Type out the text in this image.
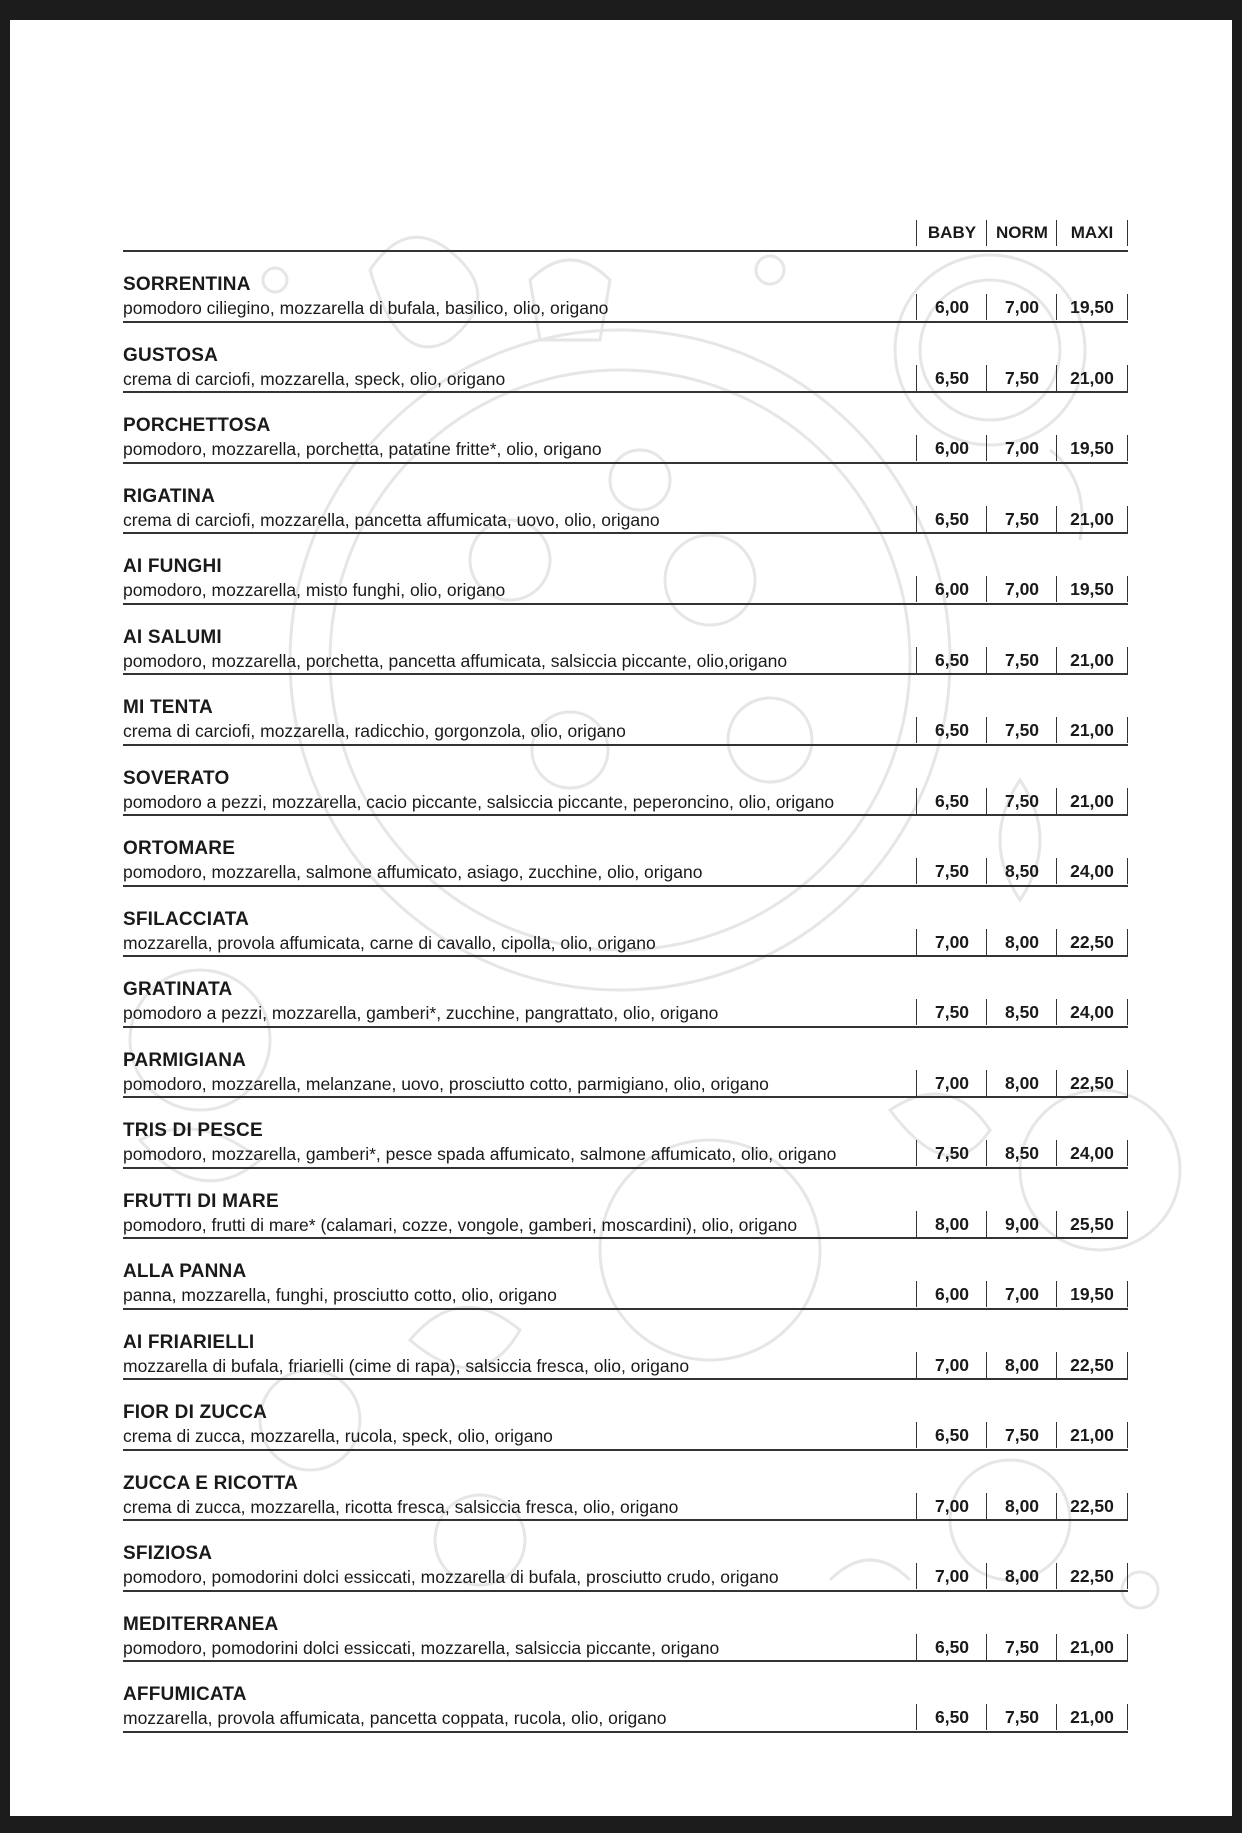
BABY	NORM	MAXI
SORRENTINA
pomodoro ciliegino, mozzarella di bufala, basilico, olio, origano	6,00	7,00	19,50
GUSTOSA
crema di carciofi, mozzarella, speck, olio, origano	6,50	7,50	21,00
PORCHETTOSA
pomodoro, mozzarella, porchetta, patatine fritte*, olio, origano	6,00	7,00	19,50
RIGATINA
crema di carciofi, mozzarella, pancetta affumicata, uovo, olio, origano	6,50	7,50	21,00
AI FUNGHI
pomodoro, mozzarella, misto funghi, olio, origano	6,00	7,00	19,50
AI SALUMI
pomodoro, mozzarella, porchetta, pancetta affumicata, salsiccia piccante, olio,origano	6,50	7,50	21,00
MI TENTA
crema di carciofi, mozzarella, radicchio, gorgonzola, olio, origano	6,50	7,50	21,00
SOVERATO
pomodoro a pezzi, mozzarella, cacio piccante, salsiccia piccante, peperoncino, olio, origano	6,50	7,50	21,00
ORTOMARE
pomodoro, mozzarella, salmone affumicato, asiago, zucchine, olio, origano	7,50	8,50	24,00
SFILACCIATA
mozzarella, provola affumicata, carne di cavallo, cipolla, olio, origano	7,00	8,00	22,50
GRATINATA
pomodoro a pezzi, mozzarella, gamberi*, zucchine, pangrattato, olio, origano	7,50	8,50	24,00
PARMIGIANA
pomodoro, mozzarella, melanzane, uovo, prosciutto cotto, parmigiano, olio, origano	7,00	8,00	22,50
TRIS DI PESCE
pomodoro, mozzarella, gamberi*, pesce spada affumicato, salmone affumicato, olio, origano	7,50	8,50	24,00
FRUTTI DI MARE
pomodoro, frutti di mare* (calamari, cozze, vongole, gamberi, moscardini), olio, origano	8,00	9,00	25,50
ALLA PANNA
panna, mozzarella, funghi, prosciutto cotto, olio, origano	6,00	7,00	19,50
AI FRIARIELLI
mozzarella di bufala, friarielli (cime di rapa), salsiccia fresca, olio, origano	7,00	8,00	22,50
FIOR DI ZUCCA
crema di zucca, mozzarella, rucola, speck, olio, origano	6,50	7,50	21,00
ZUCCA E RICOTTA
crema di zucca, mozzarella, ricotta fresca, salsiccia fresca, olio, origano	7,00	8,00	22,50
SFIZIOSA
pomodoro, pomodorini dolci essiccati, mozzarella di bufala, prosciutto crudo, origano	7,00	8,00	22,50
MEDITERRANEA
pomodoro, pomodorini dolci essiccati, mozzarella, salsiccia piccante, origano	6,50	7,50	21,00
AFFUMICATA
mozzarella, provola affumicata, pancetta coppata, rucola, olio, origano	6,50	7,50	21,00
